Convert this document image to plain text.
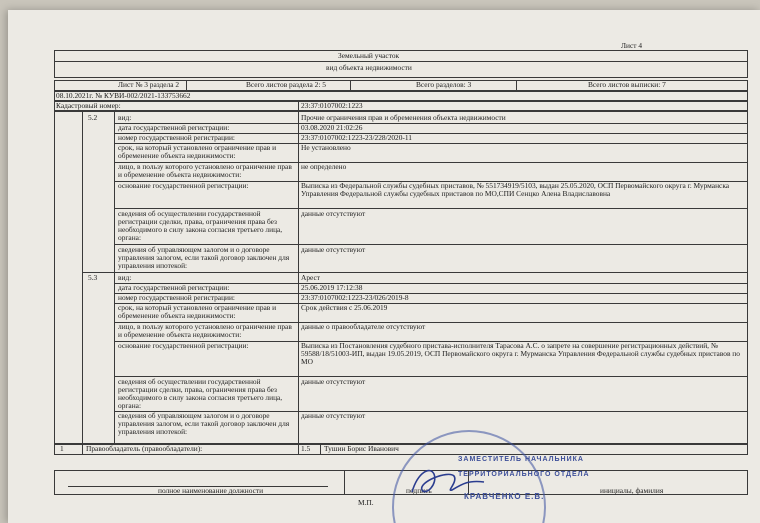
Лист 4
Земельный участок
вид объекта недвижимости
Лист № 3 раздела 2	Всего листов раздела 2: 5	Всего разделов: 3	Всего листов выписки: 7
08.10.2021г. № КУВИ-002/2021-133753662
Кадастровый номер:	23:37:0107002:1223
5.2	вид:	Прочие ограничения прав и обременения объекта недвижимости
дата государственной регистрации:	03.08.2020 21:02:26
номер государственной регистрации:	23:37:0107002:1223-23/228/2020-11
срок, на который установлено ограничение прав и обременение объекта недвижимости:
Не установлено
лицо, в пользу которого установлено ограничение прав и обременение объекта недвижимости:
не определено
основание государственной регистрации:	Выписка из Федеральной службы судебных приставов, № 551734919/5103, выдан 25.05.2020, ОСП Первомайского округа г. Мурманска Управления Федеральной службы судебных приставов по МО,СПИ Сенцко Алена Владиславовна
сведения об осуществлении государственной регистрации сделки, права, ограничения права без необходимого в силу закона согласия третьего лица, органа:
данные отсутствуют
сведения об управляющем залогом и о договоре управления залогом, если такой договор заключен для управления ипотекой:
данные отсутствуют
5.3	вид:	Арест
дата государственной регистрации:	25.06.2019 17:12:38
номер государственной регистрации:	23:37:0107002:1223-23/026/2019-8
срок, на который установлено ограничение прав и обременение объекта недвижимости:
Срок действия с 25.06.2019
лицо, в пользу которого установлено ограничение прав и обременение объекта недвижимости:
данные о правообладателе отсутствуют
основание государственной регистрации:	Выписка из Постановления судебного пристава-исполнителя Тарасова А.С. о запрете на совершение регистрационных действий, № 59588/18/51003-ИП, выдан 19.05.2019, ОСП Первомайского округа г. Мурманска Управления Федеральной службы судебных приставов по МО
сведения об осуществлении государственной регистрации сделки, права, ограничения права без необходимого в силу закона согласия третьего лица, органа:
данные отсутствуют
сведения об управляющем залогом и о договоре управления залогом, если такой договор заключен для управления ипотекой:
данные отсутствуют
1	Правообладатель (правообладатели):	1.5 Тушин Борис Иванович
полное наименование должности	подпись	инициалы, фамилия
М.П.
ЗАМЕСТИТЕЛЬ НАЧАЛЬНИКА
ТЕРРИТОРИАЛЬНОГО ОТДЕЛА
КРАВЧЕНКО Е.В.
